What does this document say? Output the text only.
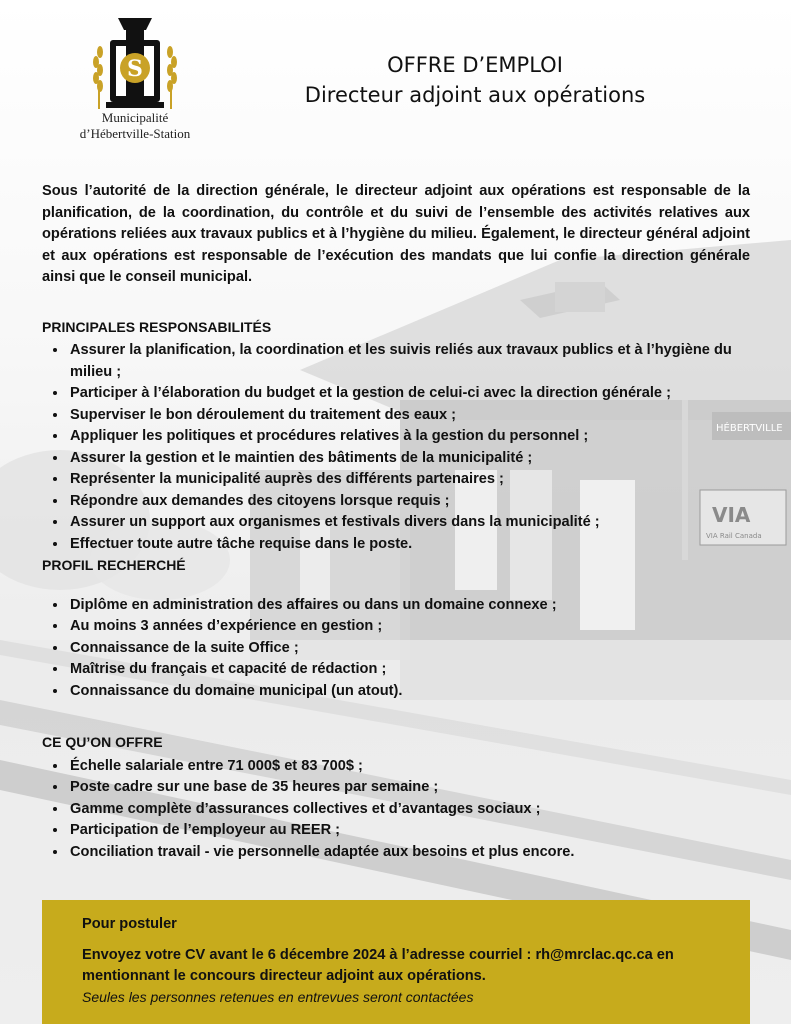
HÉBERTVILLE
VIA
VIA Rail Canada
S
Municipalité
d’Hébertville-Station
OFFRE D’EMPLOI
Directeur adjoint aux opérations

Sous l’autorité de la direction générale, le directeur adjoint aux opérations est responsable de la planification, de la coordination, du contrôle et du suivi de l’ensemble des activités relatives aux opérations reliées aux travaux publics et à l’hygiène du milieu. Également, le directeur général adjoint et aux opérations est responsable de l’exécution des mandats que lui confie la direction générale ainsi que le conseil municipal.

PRINCIPALES RESPONSABILITÉS
• Assurer la planification, la coordination et les suivis reliés aux travaux publics et à l’hygiène du milieu ;
• Participer à l’élaboration du budget et la gestion de celui-ci avec la direction générale ;
• Superviser le bon déroulement du traitement des eaux ;
• Appliquer les politiques et procédures relatives à la gestion du personnel ;
• Assurer la gestion et le maintien des bâtiments de la municipalité ;
• Représenter la municipalité auprès des différents partenaires ;
• Répondre aux demandes des citoyens lorsque requis ;
• Assurer un support aux organismes et festivals divers dans la municipalité ;
• Effectuer toute autre tâche requise dans le poste.
PROFIL RECHERCHÉ
• Diplôme en administration des affaires ou dans un domaine connexe ;
• Au moins 3 années d’expérience en gestion ;
• Connaissance de la suite Office ;
• Maîtrise du français et capacité de rédaction ;
• Connaissance du domaine municipal (un atout).
CE QU’ON OFFRE
• Échelle salariale entre 71 000$ et 83 700$ ;
• Poste cadre sur une base de 35 heures par semaine ;
• Gamme complète d’assurances collectives et d’avantages sociaux ;
• Participation de l’employeur au REER ;
• Conciliation travail - vie personnelle adaptée aux besoins et plus encore.
Pour postuler
Envoyez votre CV avant le 6 décembre 2024 à l’adresse courriel : rh@mrclac.qc.ca en mentionnant le concours directeur adjoint aux opérations.
Seules les personnes retenues en entrevues seront contactées
